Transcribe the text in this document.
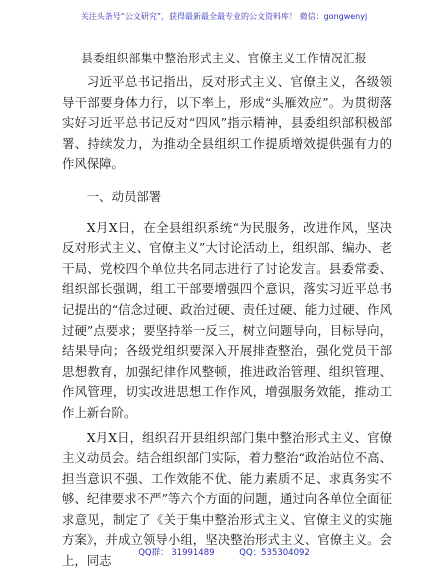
关注头条号“公文研究”，获得最新最全最专业的公文资料库！ 微信：gongwenyj
县委组织部集中整治形式主义、官僚主义工作情况汇报

习近平总书记指出，反对形式主义、官僚主义，各级领导干部要身体力行，以下率上，形成“头雁效应”。为贯彻落实好习近平总书记反对“四风”指示精神，县委组织部积极部署、持续发力，为推动全县组织工作提质增效提供强有力的作风保障。

一、动员部署

X月X日，在全县组织系统“为民服务，改进作风，坚决反对形式主义、官僚主义”大讨论活动上，组织部、编办、老干局、党校四个单位共名同志进行了讨论发言。县委常委、组织部长强调，组工干部要增强四个意识，落实习近平总书记提出的“信念过硬、政治过硬、责任过硬、能力过硬、作风过硬”点要求；要坚持举一反三，树立问题导向，目标导向，结果导向；各级党组织要深入开展排查整治，强化党员干部思想教育，加强纪律作风整顿，推进政治管理、组织管理、作风管理，切实改进思想工作作风，增强服务效能，推动工作上新台阶。

X月X日，组织召开县组织部门集中整治形式主义、官僚主义动员会。结合组织部门实际，着力整治“政治站位不高、担当意识不强、工作效能不优、能力素质不足、求真务实不够、纪律要求不严”等六个方面的问题，通过向各单位全面征求意见，制定了《关于集中整治形式主义、官僚主义的实施方案》，并成立领导小组，坚决整治形式主义、官僚主义。会上，同志

QQ群： 31991489	QQ：535304092
